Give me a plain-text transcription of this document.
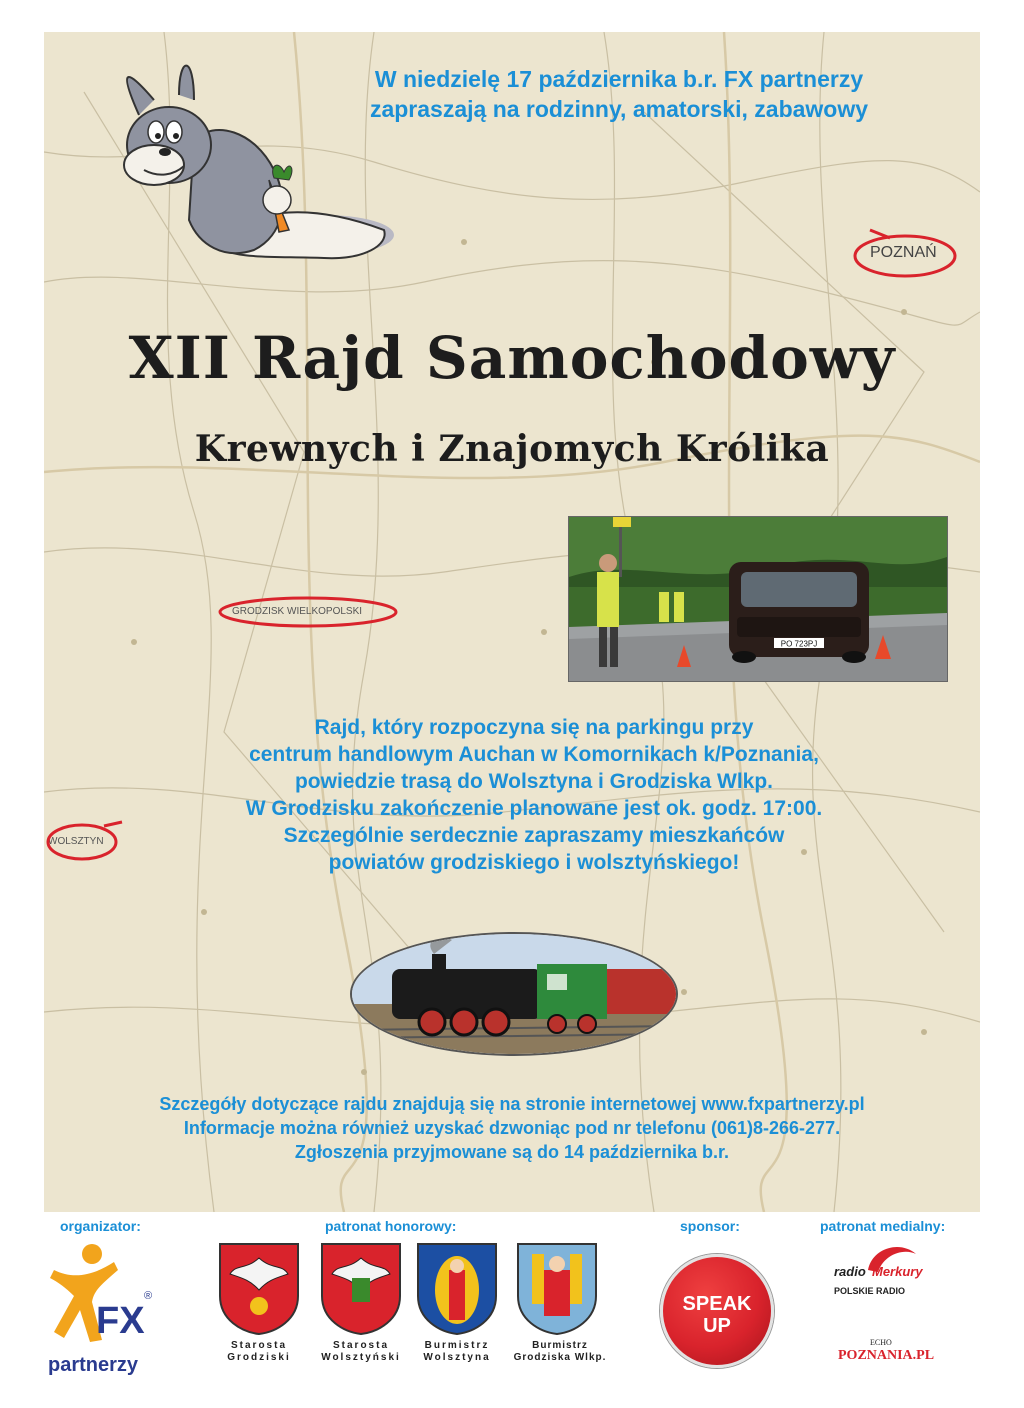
W niedzielę 17 października b.r. FX partnerzy
zapraszają na rodzinny, amatorski, zabawowy
POZNAŃ
GRODZISK WIELKOPOLSKI
WOLSZTYN
XII Rajd Samochodowy
Krewnych i Znajomych Królika
PO 723PJ
Rajd, który rozpoczyna się na parkingu przy
centrum handlowym Auchan w Komornikach k/Poznania,
powiedzie trasą do Wolsztyna i Grodziska Wlkp.
W Grodzisku zakończenie planowane jest ok. godz. 17:00.
Szczególnie serdecznie zapraszamy mieszkańców
powiatów grodziskiego i wolsztyńskiego!
Szczegóły dotyczące rajdu znajdują się na stronie internetowej www.fxpartnerzy.pl
Informacje można również uzyskać dzwoniąc pod nr telefonu (061)8-266-277.
Zgłoszenia przyjmowane są do 14 października b.r.
organizator:	patronat honorowy:	sponsor:	patronat medialny:
FX
®
partnerzy
Starosta
Grodziski
Starosta
Wolsztyński
Burmistrz
Wolsztyna
Burmistrz
Grodziska Wlkp.
SPEAK
UP
radio Merkury
POLSKIE RADIO
ECHO
POZNANIA.PL
